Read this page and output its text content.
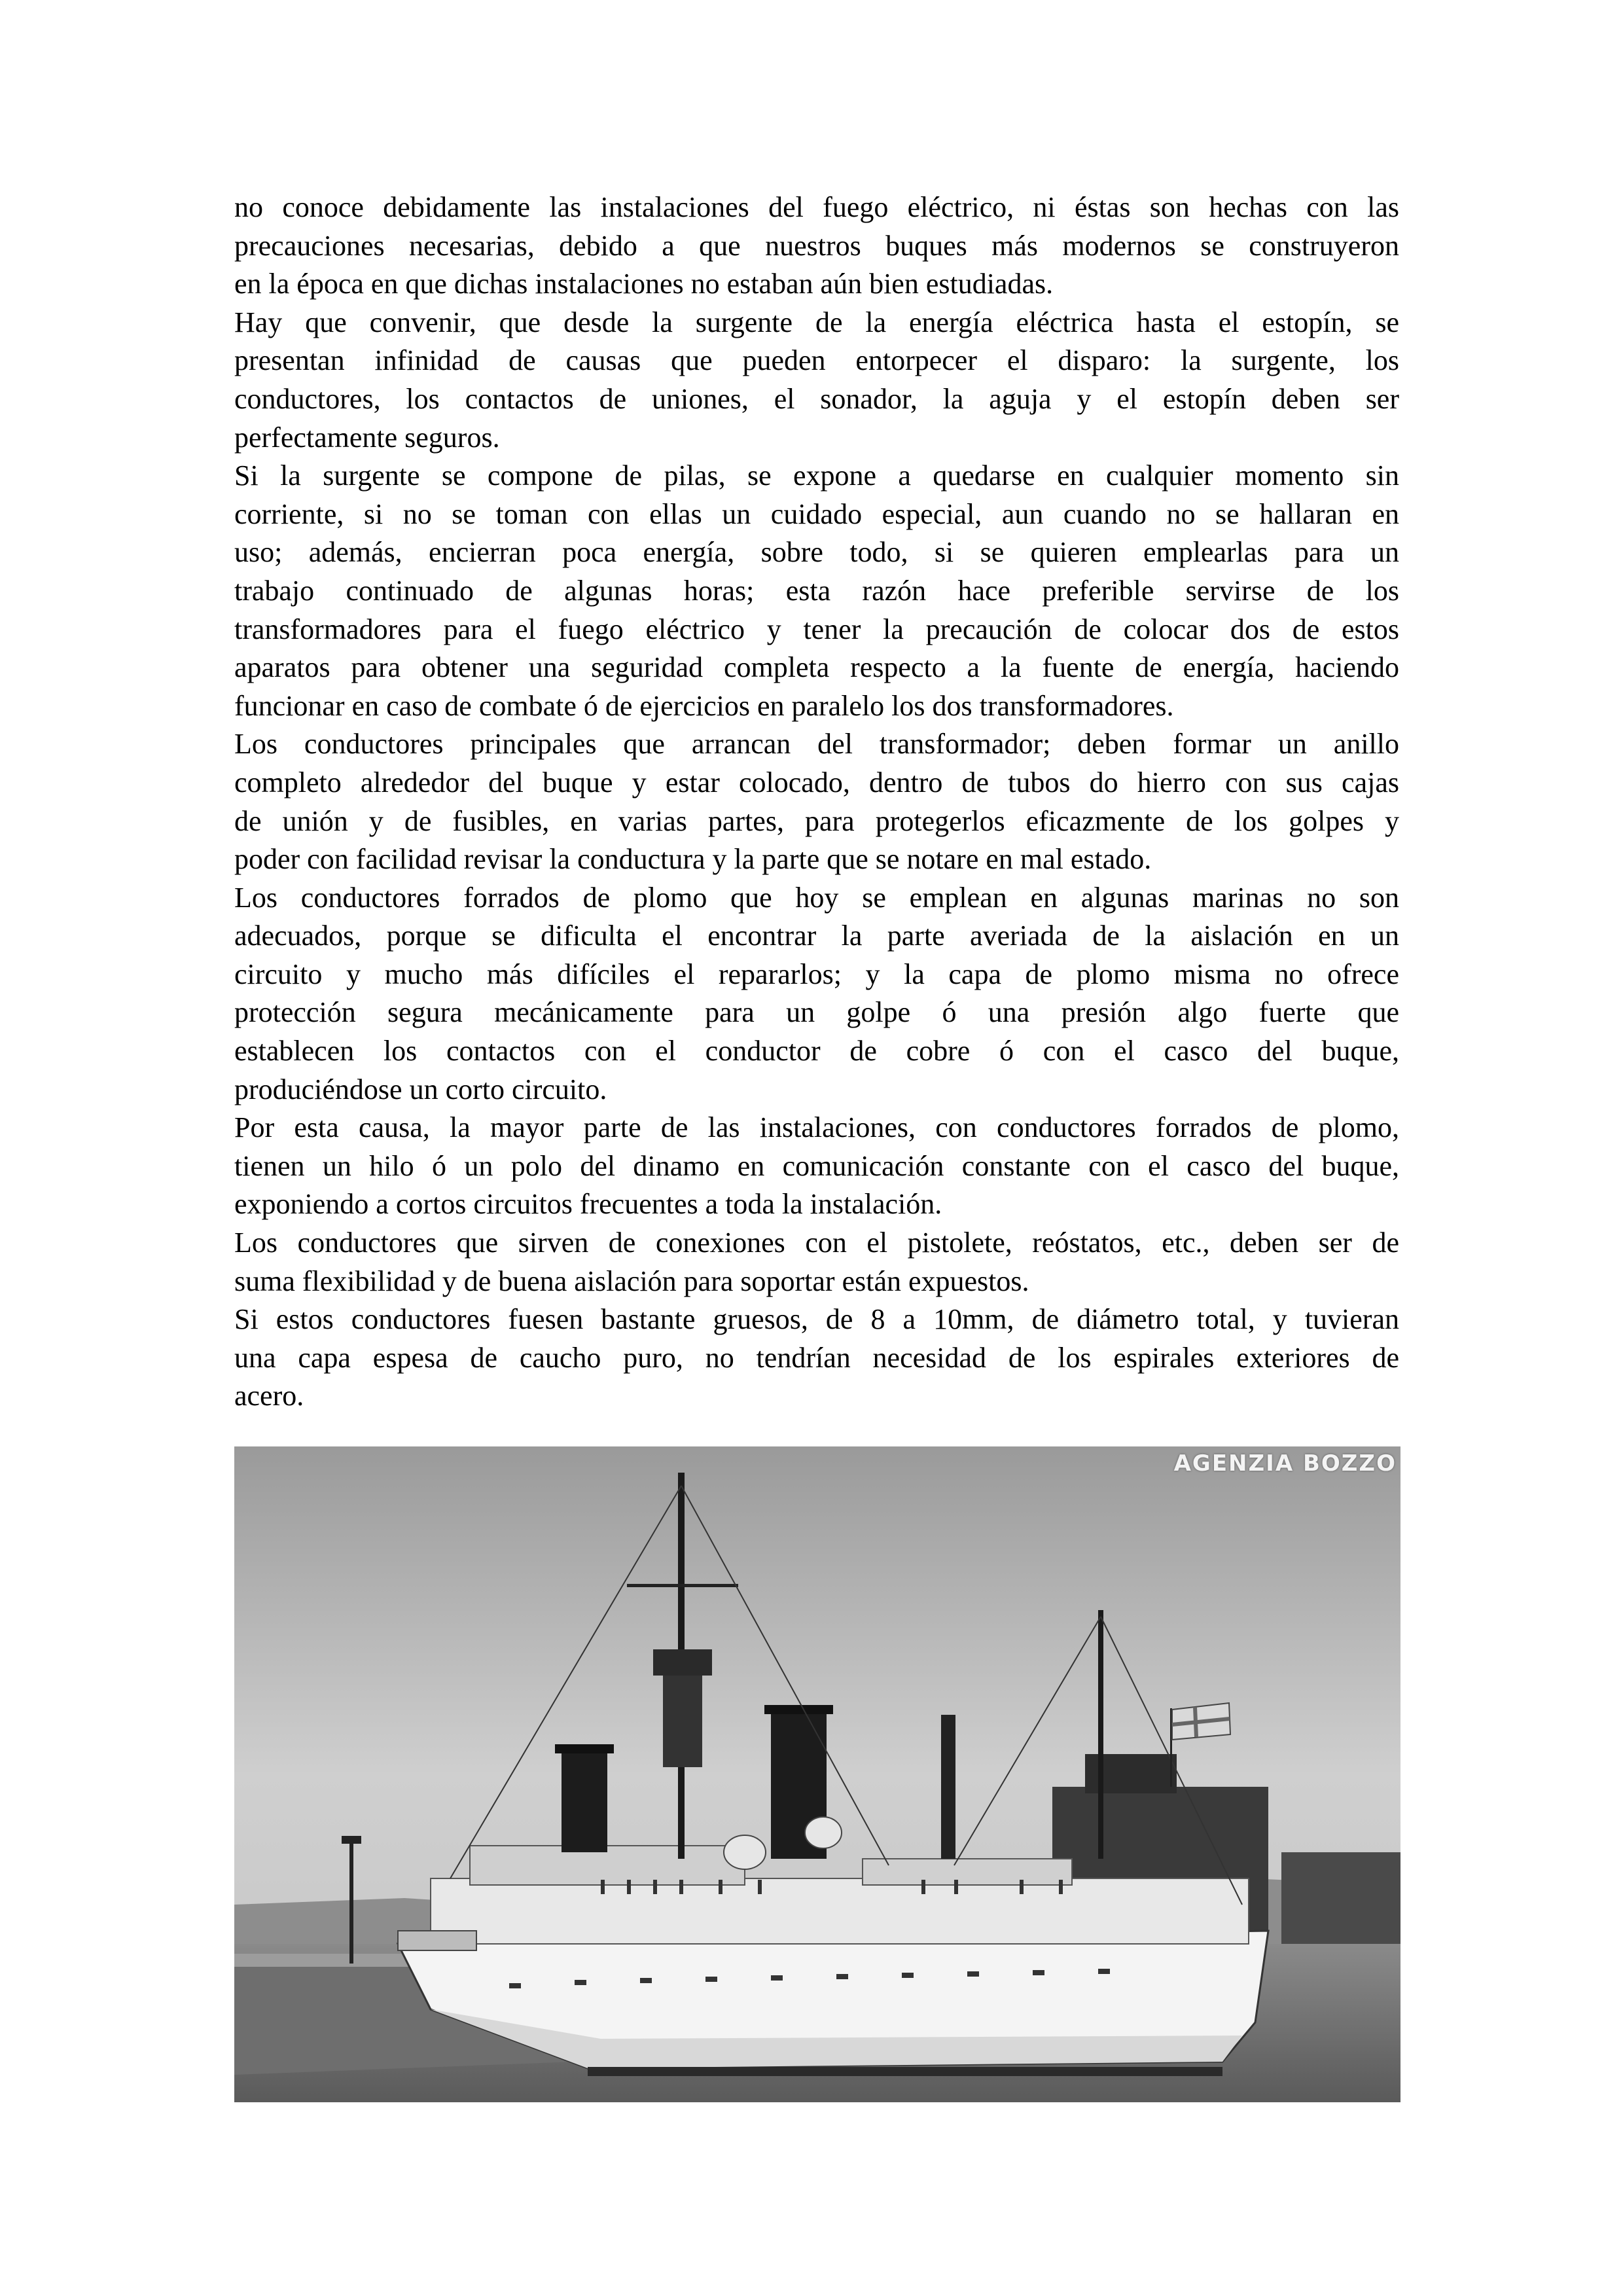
no conoce debidamente las instalaciones del fuego eléctrico, ni éstas son hechas con las
precauciones necesarias, debido a que nuestros buques más modernos se construyeron
en la época en que dichas instalaciones no estaban aún bien estudiadas.

Hay que convenir, que desde la surgente de la energía eléctrica hasta el estopín, se
presentan infinidad de causas que pueden entorpecer el disparo: la surgente, los
conductores, los contactos de uniones, el sonador, la aguja y el estopín deben ser
perfectamente seguros.

Si la surgente se compone de pilas, se expone a quedarse en cualquier momento sin
corriente, si no se toman con ellas un cuidado especial, aun cuando no se hallaran en
uso; además, encierran poca energía, sobre todo, si se quieren emplearlas para un
trabajo continuado de algunas horas; esta razón hace preferible servirse de los
transformadores para el fuego eléctrico y tener la precaución de colocar dos de estos
aparatos para obtener una seguridad completa respecto a la fuente de energía, haciendo
funcionar en caso de combate ó de ejercicios en paralelo los dos transformadores.

Los conductores principales que arrancan del transformador; deben formar un anillo
completo alrededor del buque y estar colocado, dentro de tubos do hierro con sus cajas
de unión y de fusibles, en varias partes, para protegerlos eficazmente de los golpes y
poder con facilidad revisar la conductura y la parte que se notare en mal estado.

Los conductores forrados de plomo que hoy se emplean en algunas marinas no son
adecuados, porque se dificulta el encontrar la parte averiada de la aislación en un
circuito y mucho más difíciles el repararlos; y la capa de plomo misma no ofrece
protección segura mecánicamente para un golpe ó una presión algo fuerte que
establecen los contactos con el conductor de cobre ó con el casco del buque,
produciéndose un corto circuito.

Por esta causa, la mayor parte de las instalaciones, con conductores forrados de plomo,
tienen un hilo ó un polo del dinamo en comunicación constante con el casco del buque,
exponiendo a cortos circuitos frecuentes a toda la instalación.

Los conductores que sirven de conexiones con el pistolete, reóstatos, etc., deben ser de
suma flexibilidad y de buena aislación para soportar están expuestos.

Si estos conductores fuesen bastante gruesos, de 8 a 10mm, de diámetro total, y tuvieran
una capa espesa de caucho puro, no tendrían necesidad de los espirales exteriores de
acero.

AGENZIA BOZZO
